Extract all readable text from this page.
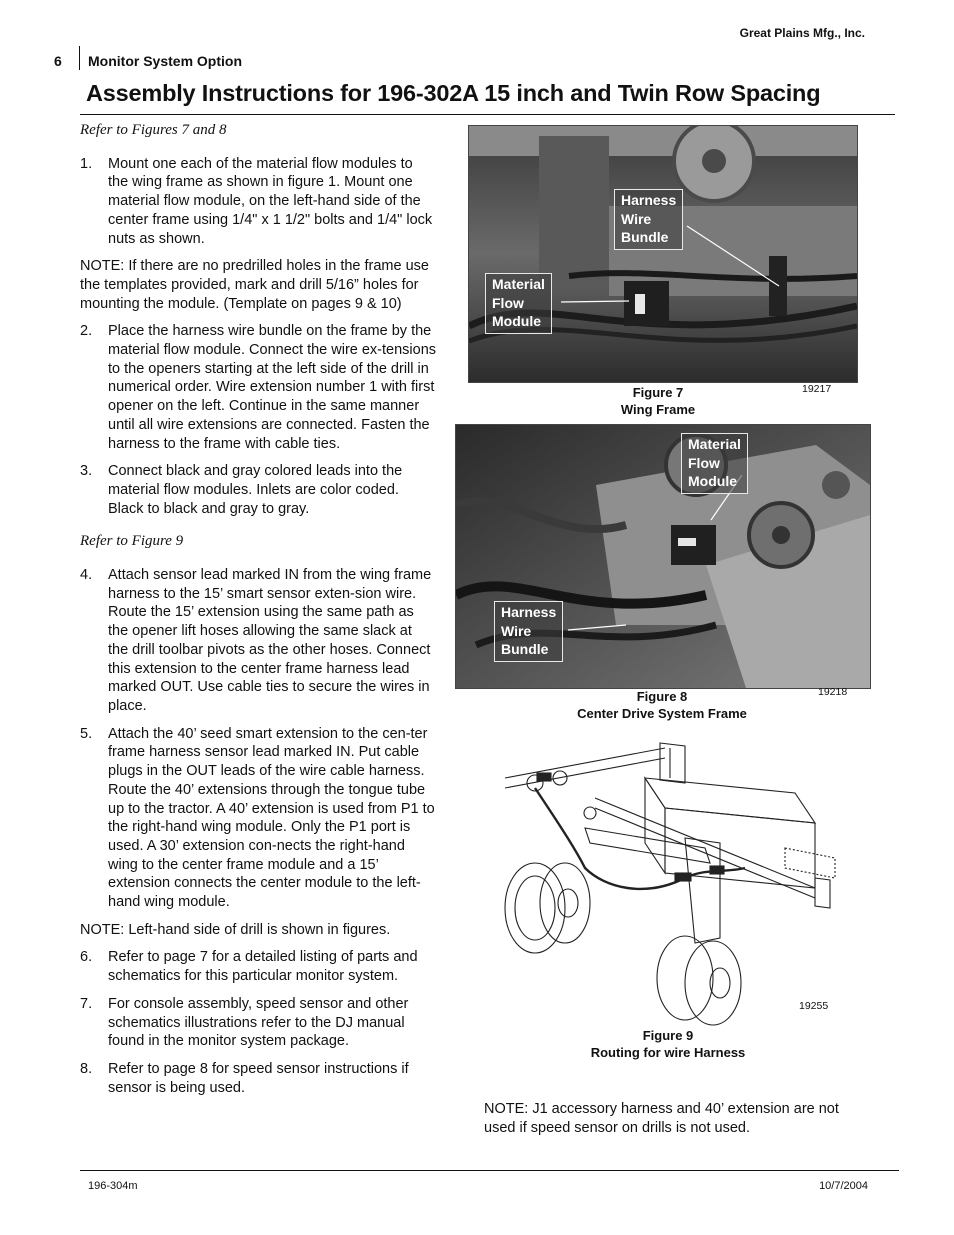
Great Plains Mfg., Inc.
6 Monitor System Option
Assembly Instructions for 196-302A 15 inch and Twin Row Spacing
Refer to Figures 7 and 8
1. Mount one each of the material flow modules to the wing frame as shown in figure 1. Mount one material flow module, on the left-hand side of the center frame using 1/4" x 1 1/2" bolts and 1/4" lock nuts as shown.
NOTE: If there are no predrilled holes in the frame use the templates provided, mark and drill 5/16” holes for mounting the module. (Template on pages 9 & 10)
2. Place the harness wire bundle on the frame by the material flow module. Connect the wire ex-tensions to the openers starting at the left side of the drill in numerical order. Wire extension number 1 with first opener on the left. Continue in the same manner until all wire extensions are connected. Fasten the harness to the frame with cable ties.
3. Connect black and gray colored leads into the material flow modules. Inlets are color coded. Black to black and gray to gray.
Refer to Figure 9
4. Attach sensor lead marked IN from the wing frame harness to the 15’ smart sensor exten-sion wire. Route the 15’ extension using the same path as the opener lift hoses allowing the same slack at the drill toolbar pivots as the other hoses. Connect this extension to the center frame harness lead marked OUT. Use cable ties to secure the wires in place.
5. Attach the 40’ seed smart extension to the cen-ter frame harness sensor lead marked IN. Put cable plugs in the OUT leads of the wire cable harness. Route the 40’ extensions through the tongue tube up to the tractor. A 40’ extension is used from P1 to the right-hand wing module. Only the P1 port is used. A 30’ extension con-nects the right-hand wing to the center frame module and a 15’ extension connects the center module to the left-hand wing module.
NOTE: Left-hand side of drill is shown in figures.
6. Refer to page 7 for a detailed listing of parts and schematics for this particular monitor system.
7. For console assembly, speed sensor and other schematics illustrations refer to the DJ manual found in the monitor system package.
8. Refer to page 8 for speed sensor instructions if sensor is being used.
Harness
Wire
Bundle
Material
Flow
Module
Figure 7
Wing Frame
19217
Material
Flow
Module
Harness
Wire
Bundle
Figure 8
Center Drive System Frame
19218
19255
Figure 9
Routing for wire Harness
NOTE: J1 accessory harness and 40’ extension are not used if speed sensor on drills is not used.
196-304m	10/7/2004
